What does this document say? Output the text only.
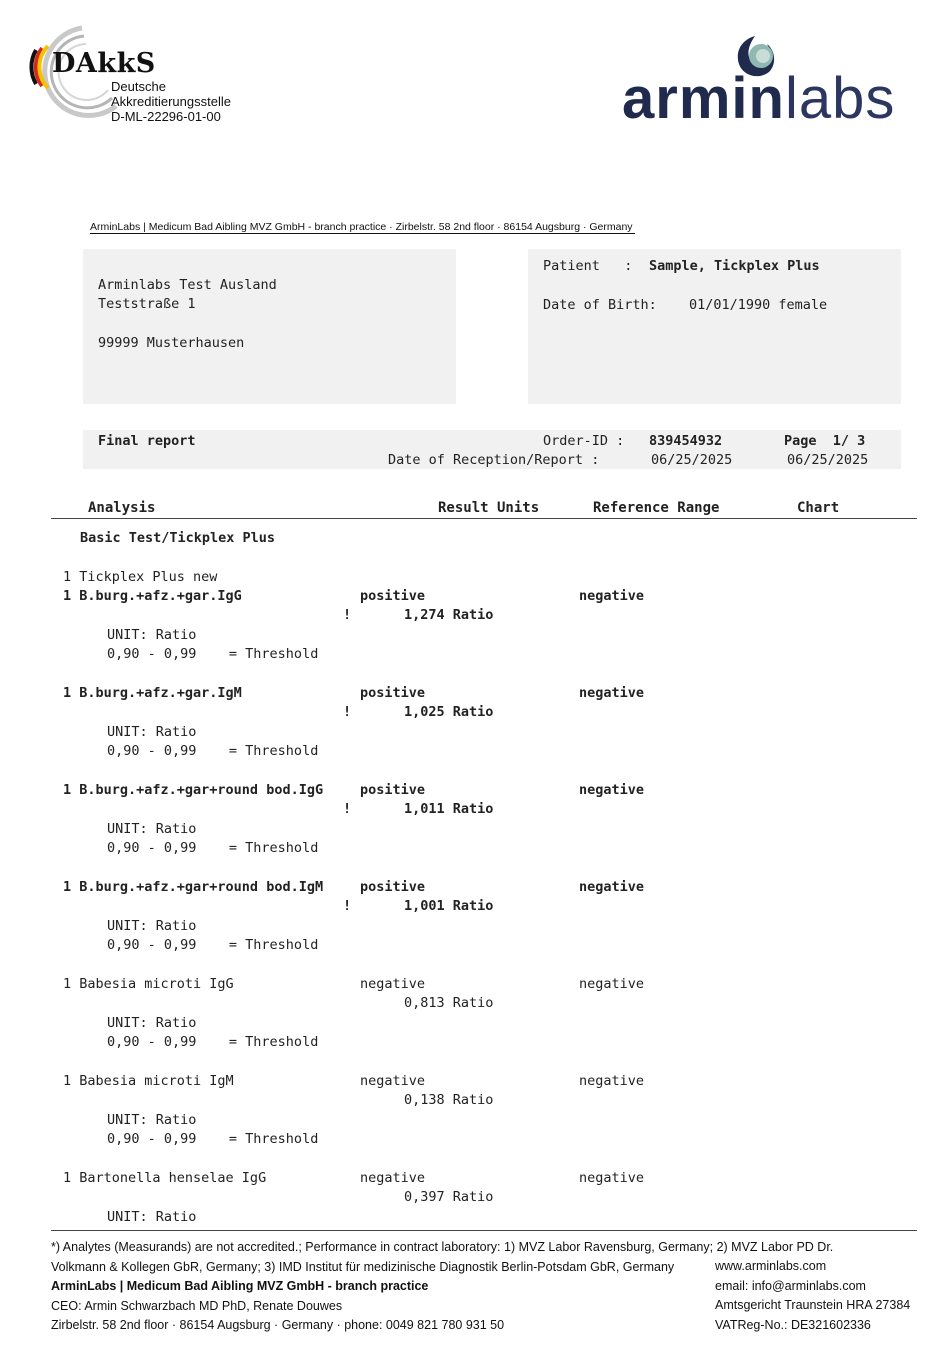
DAkkS
Deutsche
Akkreditierungsstelle
D-ML-22296-01-00	arminlabs
ArminLabs | Medicum Bad Aibling MVZ GmbH - branch practice · Zirbelstr. 58 2nd floor · 86154 Augsburg · Germany
Arminlabs Test Ausland
Teststraße 1
99999 Musterhausen
Patient   : Sample, Tickplex Plus
Date of Birth: 01/01/1990 female
Final report	Order-ID : 839454932	Page  1/ 3
Date of Reception/Report :	06/25/2025	06/25/2025
Analysis	Result Units	Reference Range	Chart
Basic Test/Tickplex Plus
1 Tickplex Plus new
1 B.burg.+afz.+gar.IgG	positive	negative
!	1,274 Ratio
UNIT: Ratio
0,90 - 0,99    = Threshold
1 B.burg.+afz.+gar.IgM	positive	negative
!	1,025 Ratio
UNIT: Ratio
0,90 - 0,99    = Threshold
1 B.burg.+afz.+gar+round bod.IgG	positive	negative
!	1,011 Ratio
UNIT: Ratio
0,90 - 0,99    = Threshold
1 B.burg.+afz.+gar+round bod.IgM	positive	negative
!	1,001 Ratio
UNIT: Ratio
0,90 - 0,99    = Threshold
1 Babesia microti IgG	negative	negative
0,813 Ratio
UNIT: Ratio
0,90 - 0,99    = Threshold
1 Babesia microti IgM	negative	negative
0,138 Ratio
UNIT: Ratio
0,90 - 0,99    = Threshold
1 Bartonella henselae IgG	negative	negative
0,397 Ratio
UNIT: Ratio
*) Analytes (Measurands) are not accredited.; Performance in contract laboratory: 1) MVZ Labor Ravensburg, Germany; 2) MVZ Labor PD Dr.
Volkmann & Kollegen GbR, Germany; 3) IMD Institut für medizinische Diagnostik Berlin-Potsdam GbR, Germany
ArminLabs | Medicum Bad Aibling MVZ GmbH - branch practice
CEO: Armin Schwarzbach MD PhD, Renate Douwes
Zirbelstr. 58 2nd floor · 86154 Augsburg · Germany · phone: 0049 821 780 931 50
www.arminlabs.com
email: info@arminlabs.com
Amtsgericht Traunstein HRA 27384
VATReg-No.: DE321602336
